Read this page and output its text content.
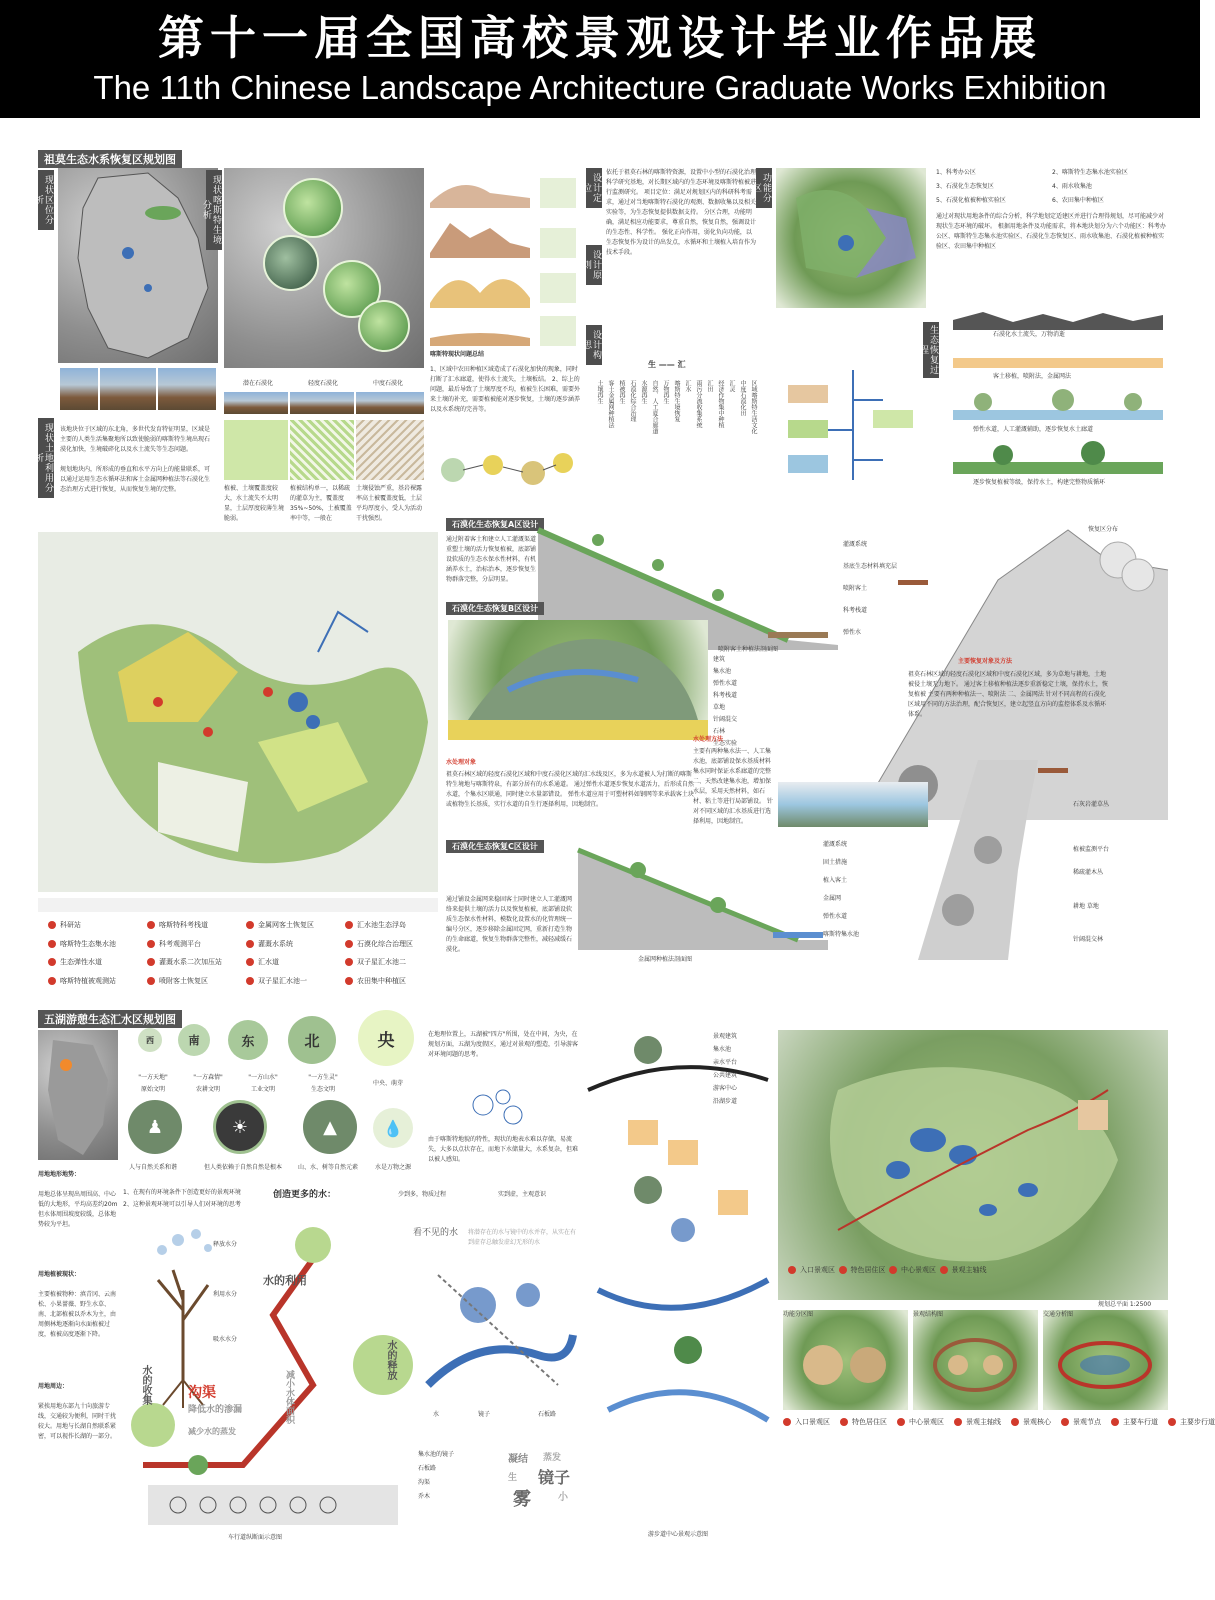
第十一届全国高校景观设计毕业作品展
The 11th Chinese Landscape Architecture Graduate Works Exhibition
祖莫生态水系恢复区规划图
现状区位分析	现状喀斯特生境分析
潜在石漠化	轻度石漠化	中度石漠化
现状土地利用分析
该地块位于区域的东北角，多世代发育特征明显，区域是主要的人类生活集聚地所以致使脆弱的喀斯特生境出现石漠化加快，生境破碎化以及水土流失等生态问题。
规划地块内，所形成的垂直和水平方向上的能量联系，可以通过运用生态水循环法和客土金属网种植法等石漠化生态治理方式进行恢复，从而恢复生境的完整。	植被、土壤覆盖度较大，水土流失不太明显，土层厚度较薄生境脆弱。
植被结构单一，以稀疏的灌草为主，覆盖度35%~50%，土被覆盖率中等，一般在
土壤侵蚀严重，基岩裸露率高土被覆盖度低，土层平均厚度小，受人为活动干扰强烈。
喀斯特现状问题总结
1、区域中农田种植区域造成了石漠化加快的现象，同时打断了汇水廊道，使得水土流失，土壤板结。 2、综上的问题，最后导致了土壤厚度不均，植被生长困难，需要外来土壤的补充，需要植被能对逐步恢复，土壤的逐步涵养以及水系统的完善等。
设计定位
设计原则
设计构思
依托于祖莫石林的喀斯特资源，设置中小型的石漠化治理科学研究基地，对长期区域内的生态环境及喀斯特植被进行监测研究。 项目定位：满足对规划区内的科研科考需求，通过对当地喀斯特石漠化的观测、数据收集以及相关实验等，为生态恢复提供数据支持。 分区合理，功能明确，满足相应功能要求，尊重自然，恢复自然，强调设计的生态性、科学性。 强化正向作用，弱化负向功能，以生态恢复作为设计的出发点，水循环和土壤植入培育作为技术手段。
生 —— 汇
土壤再生 客土金属网种植法 植被再生 石漠化综合治理 水源再生 自然、人工夏合廊道 万物再生 喀斯特生境恢复 汇水 雨污分流收集系统 汇田 经济作物集中种植 汇灵 中度石漠化田 区域喀斯特生活文化
功能分区
1、科考办公区	2、喀斯特生态集水池实验区
3、石漠化生态恢复区	4、雨水收集池
5、石漠化植被种植实验区	6、农田集中种植区
通过对现状用地条件的综合分析，科学地划定适建区并进行合理得规划，尽可能减少对现状生态环境的破坏。 根据用地条件及功能需求，将本地块划分为六个功能区：科考办公区、喀斯特生态集水池实验区、石漠化生态恢复区、雨水收集池、石漠化植被种植实验区、农田集中种植区
生态恢复过程
石漠化水土流失，万物消逝
客土移植，喷附法，金属网法
弹性水道，人工灌溉辅助，逐步恢复水土廊道
逐步恢复植被等级，保持水土，构建完整物质循环
科研站	喀斯特科考栈道	金属网客土恢复区	汇水池生态浮岛
喀斯特生态集水池	科考观测平台	灌溉水系统	石漠化综合治理区
生态弹性水道	灌溉水系二次加压站	汇水道	双子星汇水池二
喀斯特植被观测站	喷附客土恢复区	双子星汇水池一	农田集中种植区
石漠化生态恢复A区设计
通过附着客土和建立人工灌溉渠道重塑土壤的活力恢复植被，底部铺设软质的生态水保水性材料，有机涵养水土，治标治本，逐步恢复生物群落完整，分层明显。
灌溉系统
基底生态材料填充层
喷附客土
科考栈道
弹性水
喷附客土种植法剖面图
石漠化生态恢复B区设计
建筑
集水池
弹性水道
科考栈道
草地
针阔混交
石林
生态实验
水处理对象
祖莫石林区域的轻度石漠化区域和中度石漠化区域的汇水线及区，多为水道被人为打断的喀斯特生境地与喀斯特泉，有部分居有的水系通道。 通过弹性水道逐步恢复水道活力，后形成自然水道，个集水区联通，同时建立水量部错设。 弹性水道应用于可塑材料如钢网等来承载客土块或植物生长基质，实行水道的自生行逐择利用，因地制宜。
水处理方法
主要有两种集水法一、人工集水池，底部铺设保水基质材料集水同时保证水系廊道的完整 二、天然改建集水池，增加保水层，采用天然材料，如石材、粘土等进行局部铺设。 针对不同区域的汇水基质进行选择利用，因地制宜。
恢复区分布
主要恢复对象及方法
祖莫石林区域的轻度石漠化区域和中度石漠化区域，多为草地与耕地，土地被侵土壤无力地下。 通过客土移植种植法逐步重新稳定土壤，保持水土，恢复植被 主要有两种种植法一、喷附法 二、金属网法 针对不同高程的石漠化区域用不同的方法治理，配合恢复区，建立起竖直方向的监控体系及水循环体系。
石灰岩灌草丛
植被监测平台
稀疏灌木丛
耕地 草地
针阔混交林
石漠化生态恢复C区设计
通过铺设金属网来稳固客土同时建立人工灌溉网络来提供土壤的活力以及恢复植被，底部铺设软质生态保水性材料，模数化设置水的化管理统一编号分区，逐步移除金属固定网，重新打造生物的生命廊道，恢复生物群落完整性，减轻减缓石漠化。
灌溉系统
固土措施
植入客土
金属网
弹性水道
喀斯特集水池
金属网种植法剖面图
五湖游憩生态汇水区规划图
西	南	东	北	央
"一方天地"	"一方森情"	"一方山水"	"一方生灵"
原始文明	农耕文明	工业文明	生态文明
中央、萌芽
♟	☀	▲	💧
人与自然关系和谐	但人类依赖于自然自然是根本	山、水、树等自然元素	水是万物之源
在地理位置上，五湖被"四方"所围，处在中间，为央，在规划方面，五湖为度假区，通过对景观的塑造，引导游客对环境问题的思考。
由于喀斯特地貌的特性，现状的地表水难以存储，易流失，大多以点状存在，而地下水储量大，水系复杂，但难以被人感知。
用地地形地势：
用地总体呈现出周围高、中心低的大地形，平均高差约20m 但水体周围坡度较缓，总体地势较为平坦。
用地植被现状：
主要植被物种：滇青冈、云南松、小果蔷薇、野生水草、南、北部植被以乔木为主，由周侧林地逐渐向水面植被过度，植被高度逐渐下降。
用地周边：
紧挨用地东部九十向旅游专线，交通较为便利，同时干扰较大。用地与长湖自然联系紧密，可以视作长湖的一部分。
1、在现有的环境条件下创造更好的景观环境
2、这种景观环境可以引导人们对环境的思考
创造更多的水：	少到多，物质过程	实到虚，主观意识
释放水分
利用水分
吸水水分
水的利用
水的收集
水的释放
沟渠
降低水的渗漏
减少水的蒸发
减小水体面积
看不见的水	将潜存在的水与镜中的水并存，从实在有到虚存总触发虚幻无形的水
水	镜子	石板路
车行道纵断面示意图
集水池的镜子
石板路
沟渠
乔木
凝结 蒸发
镜子
雾	小
生
景观建筑
集水池
亲水平台
公共建筑
游客中心
沿湖步道
游步道中心景观示意图
规划总平面 1:2500
入口景观区 特色居住区 中心景观区 景观主轴线
功能分区图	景观结构图	交通分析图
入口景观区	特色居住区	中心景观区	景观主轴线	景观核心	景观节点	主要车行道	主要步行道
